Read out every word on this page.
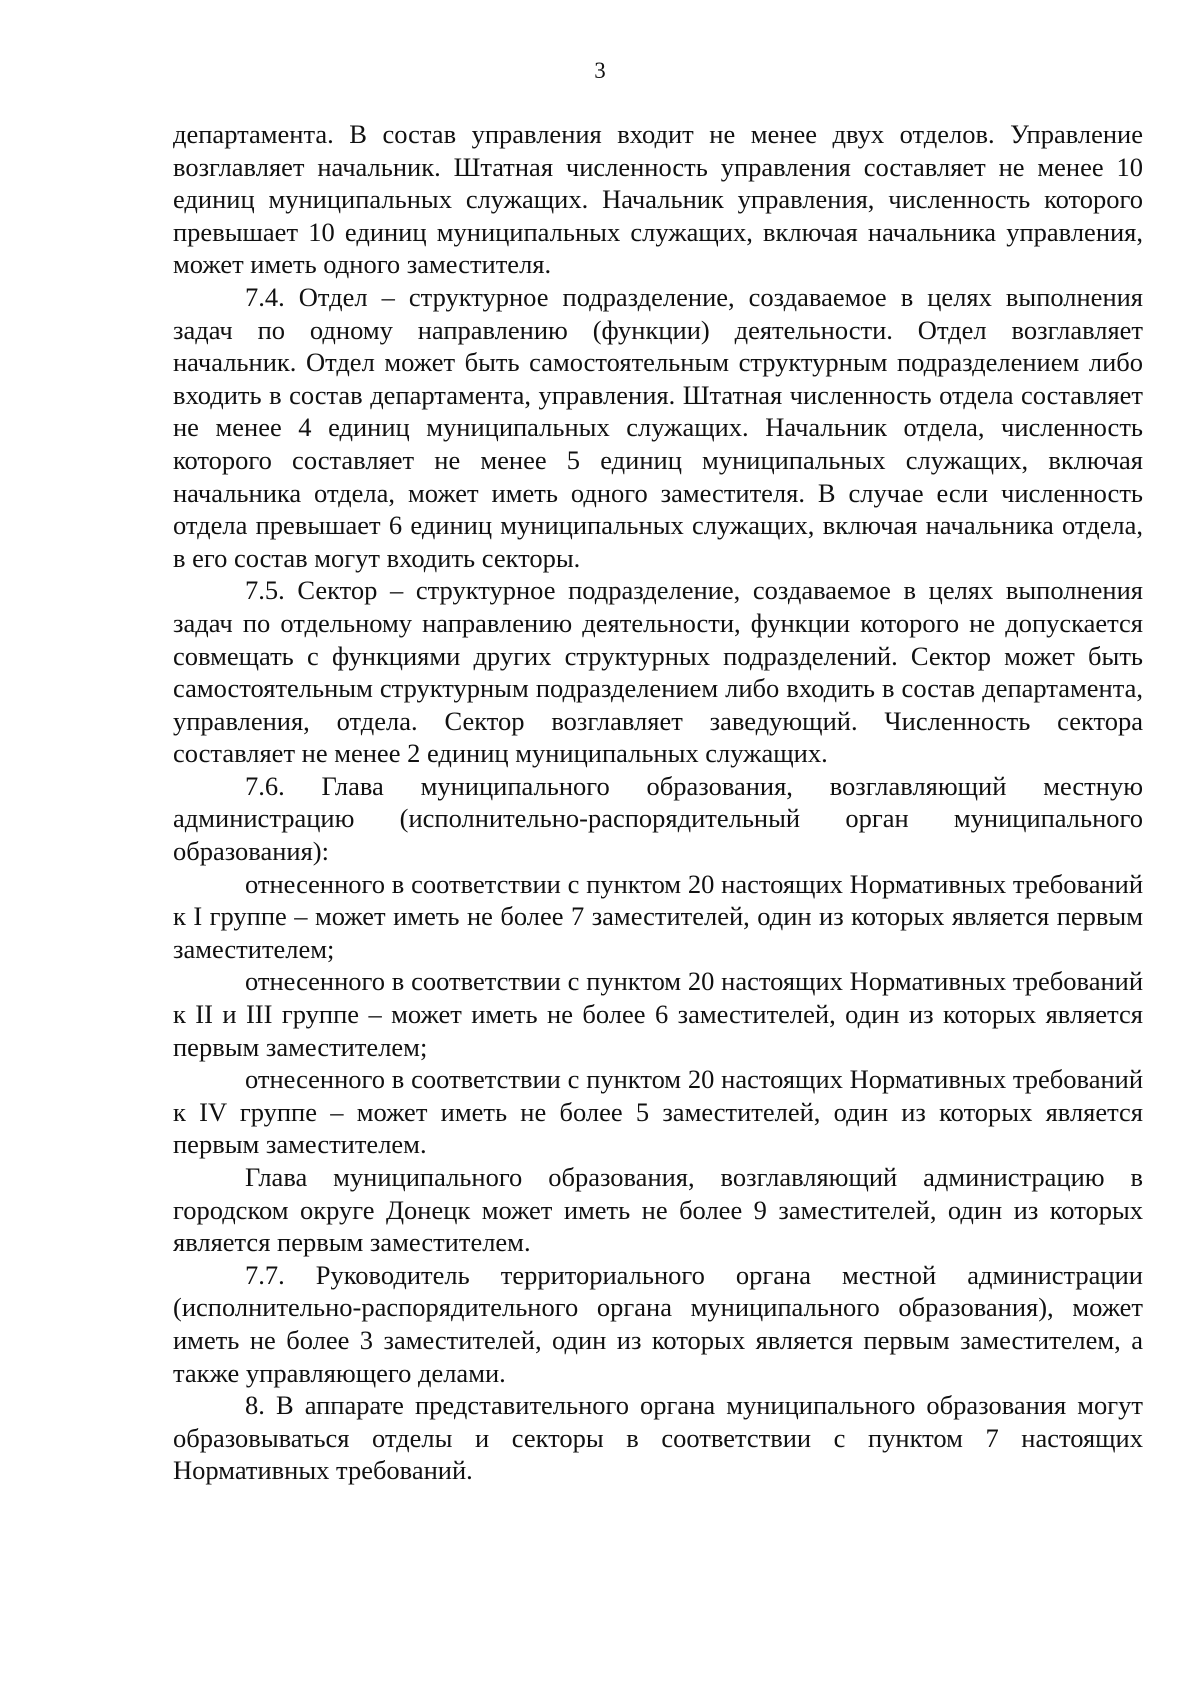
3

департамента. В состав управления входит не менее двух отделов. Управление возглавляет начальник. Штатная численность управления составляет не менее 10 единиц муниципальных служащих. Начальник управления, численность которого превышает 10 единиц муниципальных служащих, включая начальника управления, может иметь одного заместителя.

7.4. Отдел – структурное подразделение, создаваемое в целях выполнения задач по одному направлению (функции) деятельности. Отдел возглавляет начальник. Отдел может быть самостоятельным структурным подразделением либо входить в состав департамента, управления. Штатная численность отдела составляет не менее 4 единиц муниципальных служащих. Начальник отдела, численность которого составляет не менее 5 единиц муниципальных служащих, включая начальника отдела, может иметь одного заместителя. В случае если численность отдела превышает 6 единиц муниципальных служащих, включая начальника отдела, в его состав могут входить секторы.

7.5. Сектор – структурное подразделение, создаваемое в целях выполнения задач по отдельному направлению деятельности, функции которого не допускается совмещать с функциями других структурных подразделений. Сектор может быть самостоятельным структурным подразделением либо входить в состав департамента, управления, отдела. Сектор возглавляет заведующий. Численность сектора составляет не менее 2 единиц муниципальных служащих.

7.6. Глава муниципального образования, возглавляющий местную администрацию (исполнительно-распорядительный орган муниципального образования):

отнесенного в соответствии с пунктом 20 настоящих Нормативных требований к I группе – может иметь не более 7 заместителей, один из которых является первым заместителем;

отнесенного в соответствии с пунктом 20 настоящих Нормативных требований к II и III группе – может иметь не более 6 заместителей, один из которых является первым заместителем;

отнесенного в соответствии с пунктом 20 настоящих Нормативных требований к IV группе – может иметь не более 5 заместителей, один из которых является первым заместителем.

Глава муниципального образования, возглавляющий администрацию в городском округе Донецк может иметь не более 9 заместителей, один из которых является первым заместителем.

7.7. Руководитель территориального органа местной администрации (исполнительно-распорядительного органа муниципального образования), может иметь не более 3 заместителей, один из которых является первым заместителем, а также управляющего делами.

8. В аппарате представительного органа муниципального образования могут образовываться отделы и секторы в соответствии с пунктом 7 настоящих Нормативных требований.
